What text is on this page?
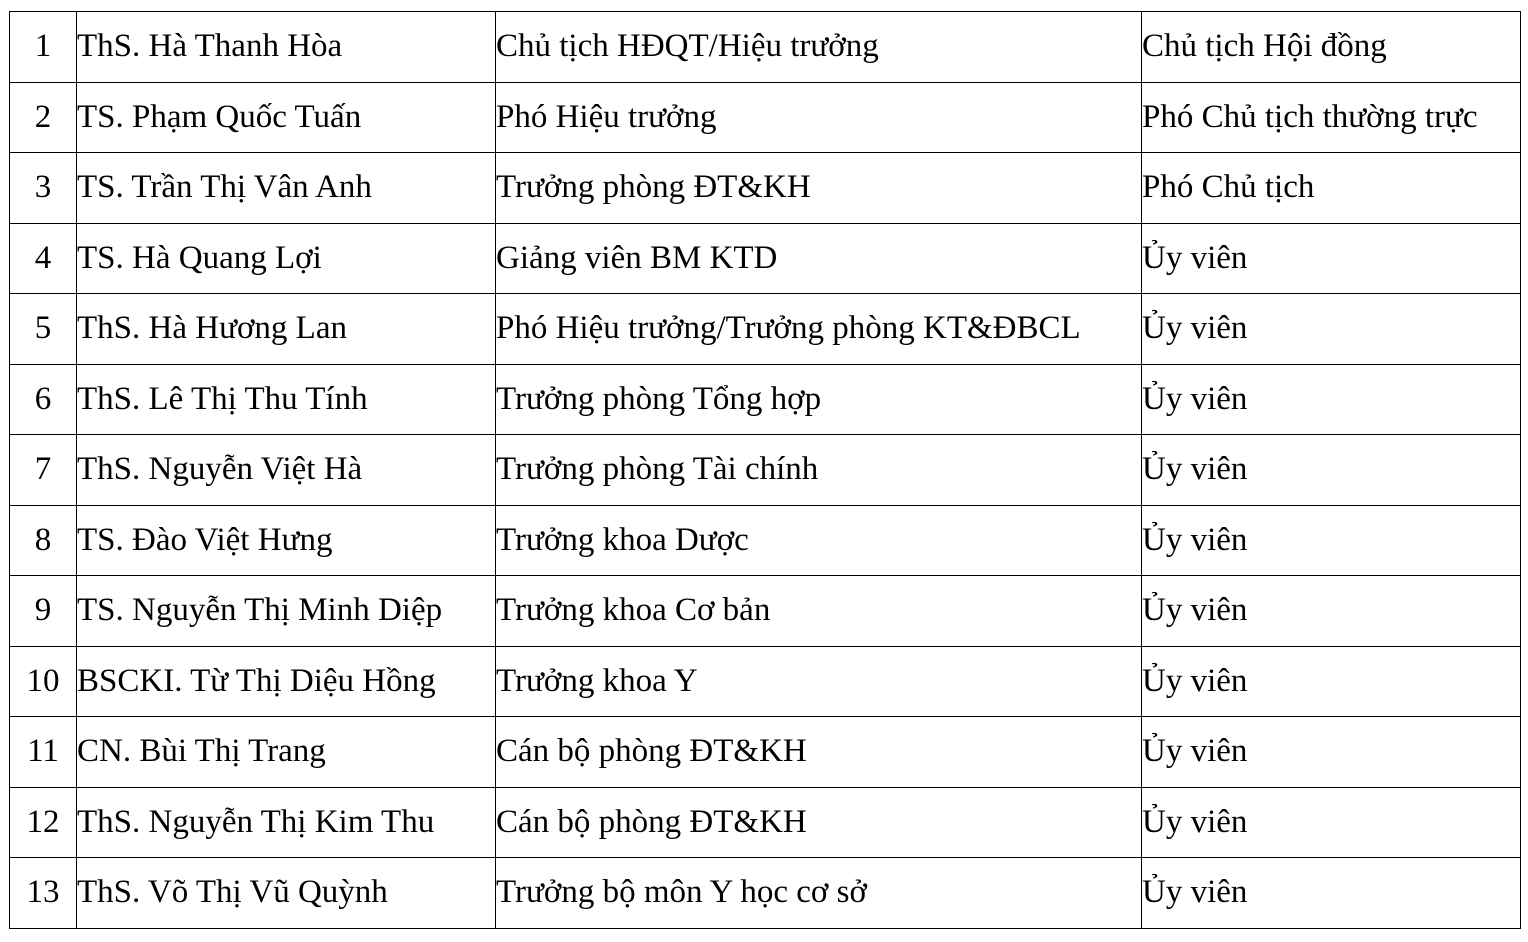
1	ThS. Hà Thanh Hòa	Chủ tịch HĐQT/Hiệu trưởng	Chủ tịch Hội đồng
2	TS. Phạm Quốc Tuấn	Phó Hiệu trưởng	Phó Chủ tịch thường trực
3	TS. Trần Thị Vân Anh	Trưởng phòng ĐT&KH	Phó Chủ tịch
4	TS. Hà Quang Lợi	Giảng viên BM KTD	Ủy viên
5	ThS. Hà Hương Lan	Phó Hiệu trưởng/Trưởng phòng KT&ĐBCL	Ủy viên
6	ThS. Lê Thị Thu Tính	Trưởng phòng Tổng hợp	Ủy viên
7	ThS. Nguyễn Việt Hà	Trưởng phòng Tài chính	Ủy viên
8	TS. Đào Việt Hưng	Trưởng khoa Dược	Ủy viên
9	TS. Nguyễn Thị Minh Diệp	Trưởng khoa Cơ bản	Ủy viên
10	BSCKI. Từ Thị Diệu Hồng	Trưởng khoa Y	Ủy viên
11	CN. Bùi Thị Trang	Cán bộ phòng ĐT&KH	Ủy viên
12	ThS. Nguyễn Thị Kim Thu	Cán bộ phòng ĐT&KH	Ủy viên
13	ThS. Võ Thị Vũ Quỳnh	Trưởng bộ môn Y học cơ sở	Ủy viên
